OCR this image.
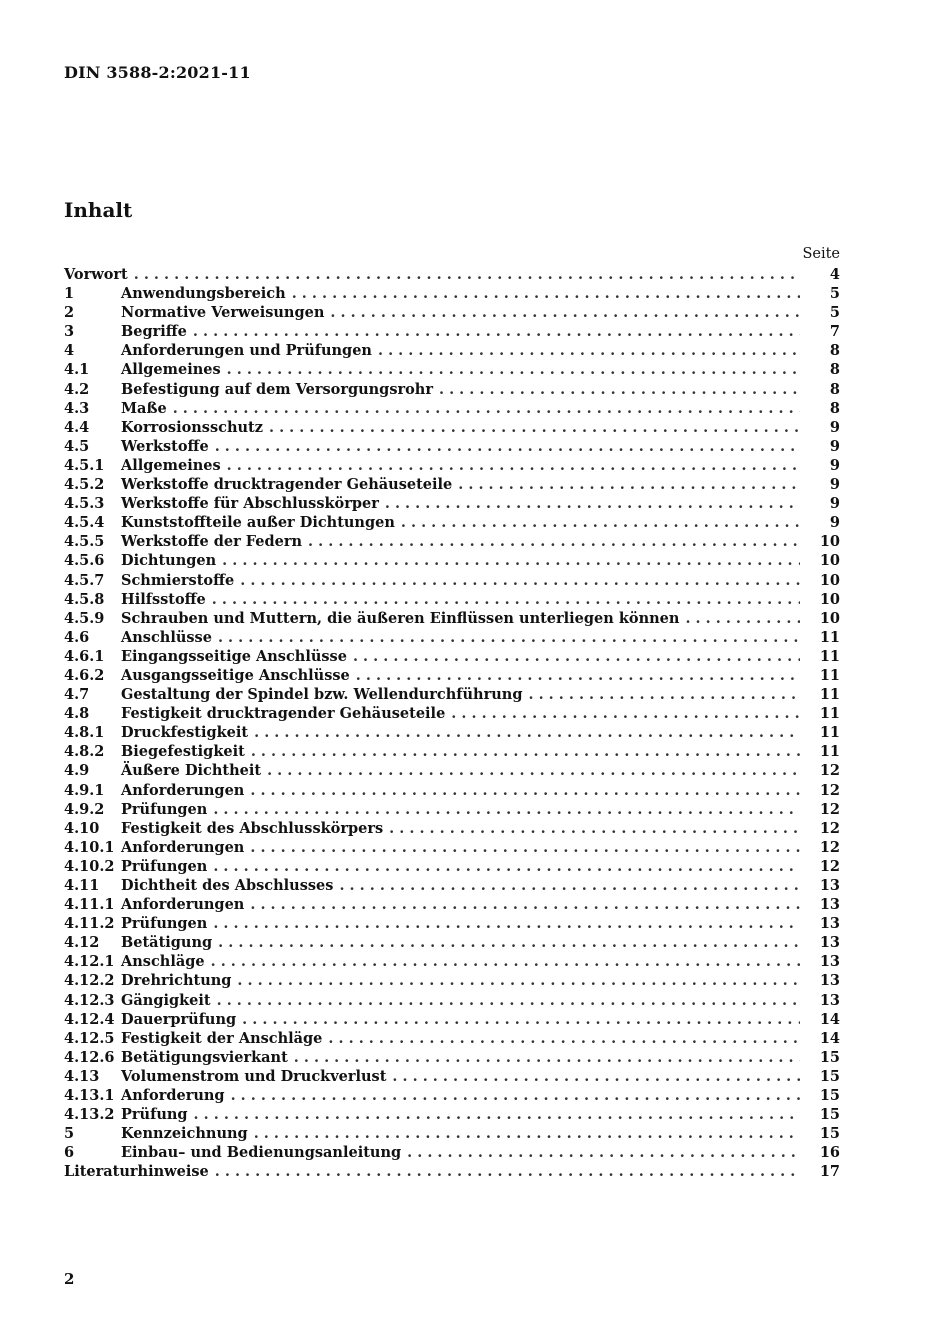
DIN 3588-2:2021-11
Inhalt
Seite
Vorwort . . .	4
1	Anwendungsbereich . . .	5
2	Normative Verweisungen . . .	5
3	Begriffe . . .	7
4	Anforderungen und Prüfungen . . .	8
4.1	Allgemeines . . .	8
4.2	Befestigung auf dem Versorgungsrohr . . .	8
4.3	Maße . . .	8
4.4	Korrosionsschutz . . .	9
4.5	Werkstoffe . . .	9
4.5.1	Allgemeines . . .	9
4.5.2	Werkstoffe drucktragender Gehäuseteile . . .	9
4.5.3	Werkstoffe für Abschlusskörper . . .	9
4.5.4	Kunststoffteile außer Dichtungen . . .	9
4.5.5	Werkstoffe der Federn . . .	10
4.5.6	Dichtungen . . .	10
4.5.7	Schmierstoffe . . .	10
4.5.8	Hilfsstoffe . . .	10
4.5.9	Schrauben und Muttern, die äußeren Einflüssen unterliegen können . . .	10
4.6	Anschlüsse . . .	11
4.6.1	Eingangsseitige Anschlüsse . . .	11
4.6.2	Ausgangsseitige Anschlüsse . . .	11
4.7	Gestaltung der Spindel bzw. Wellendurchführung . . .	11
4.8	Festigkeit drucktragender Gehäuseteile . . .	11
4.8.1	Druckfestigkeit . . .	11
4.8.2	Biegefestigkeit . . .	11
4.9	Äußere Dichtheit . . .	12
4.9.1	Anforderungen . . .	12
4.9.2	Prüfungen . . .	12
4.10	Festigkeit des Abschlusskörpers . . .	12
4.10.1 Anforderungen . . .	12
4.10.2 Prüfungen . . .	12
4.11	Dichtheit des Abschlusses . . .	13
4.11.1 Anforderungen . . .	13
4.11.2 Prüfungen . . .	13
4.12	Betätigung . . .	13
4.12.1 Anschläge . . .	13
4.12.2 Drehrichtung . . .	13
4.12.3 Gängigkeit . . .	13
4.12.4 Dauerprüfung . . .	14
4.12.5 Festigkeit der Anschläge . . .	14
4.12.6 Betätigungsvierkant . . .	15
4.13	Volumenstrom und Druckverlust . . .	15
4.13.1 Anforderung . . .	15
4.13.2 Prüfung . . .	15
5	Kennzeichnung . . .	15
6	Einbau– und Bedienungsanleitung . . .	16
Literaturhinweise . . .	17
2
